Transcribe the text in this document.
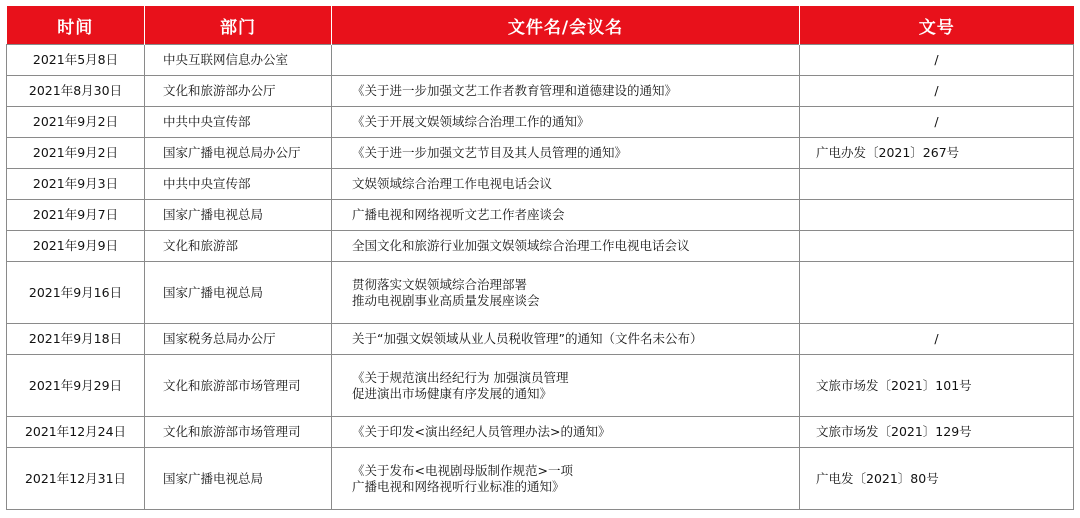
时间	部门	文件名/会议名	文号
2021年5月8日	中央互联网信息办公室		/
2021年8月30日	文化和旅游部办公厅	《关于进一步加强文艺工作者教育管理和道德建设的通知》	/
2021年9月2日	中共中央宣传部	《关于开展文娱领域综合治理工作的通知》	/
2021年9月2日	国家广播电视总局办公厅	《关于进一步加强文艺节目及其人员管理的通知》	广电办发〔2021〕267号
2021年9月3日	中共中央宣传部	文娱领域综合治理工作电视电话会议	

2021年9月7日	国家广播电视总局	广播电视和网络视听文艺工作者座谈会	

2021年9月9日	文化和旅游部	全国文化和旅游行业加强文娱领域综合治理工作电视电话会议	

2021年9月16日	国家广播电视总局	贯彻落实文娱领域综合治理部署
推动电视剧事业高质量发展座谈会	

2021年9月18日	国家税务总局办公厅	关于“加强文娱领域从业人员税收管理”的通知（文件名未公布）	/
2021年9月29日	文化和旅游部市场管理司	《关于规范演出经纪行为 加强演员管理
促进演出市场健康有序发展的通知》	文旅市场发〔2021〕101号
2021年12月24日	文化和旅游部市场管理司	《关于印发<演出经纪人员管理办法>的通知》	文旅市场发〔2021〕129号
2021年12月31日	国家广播电视总局	《关于发布<电视剧母版制作规范>一项
广播电视和网络视听行业标准的通知》	广电发〔2021〕80号
